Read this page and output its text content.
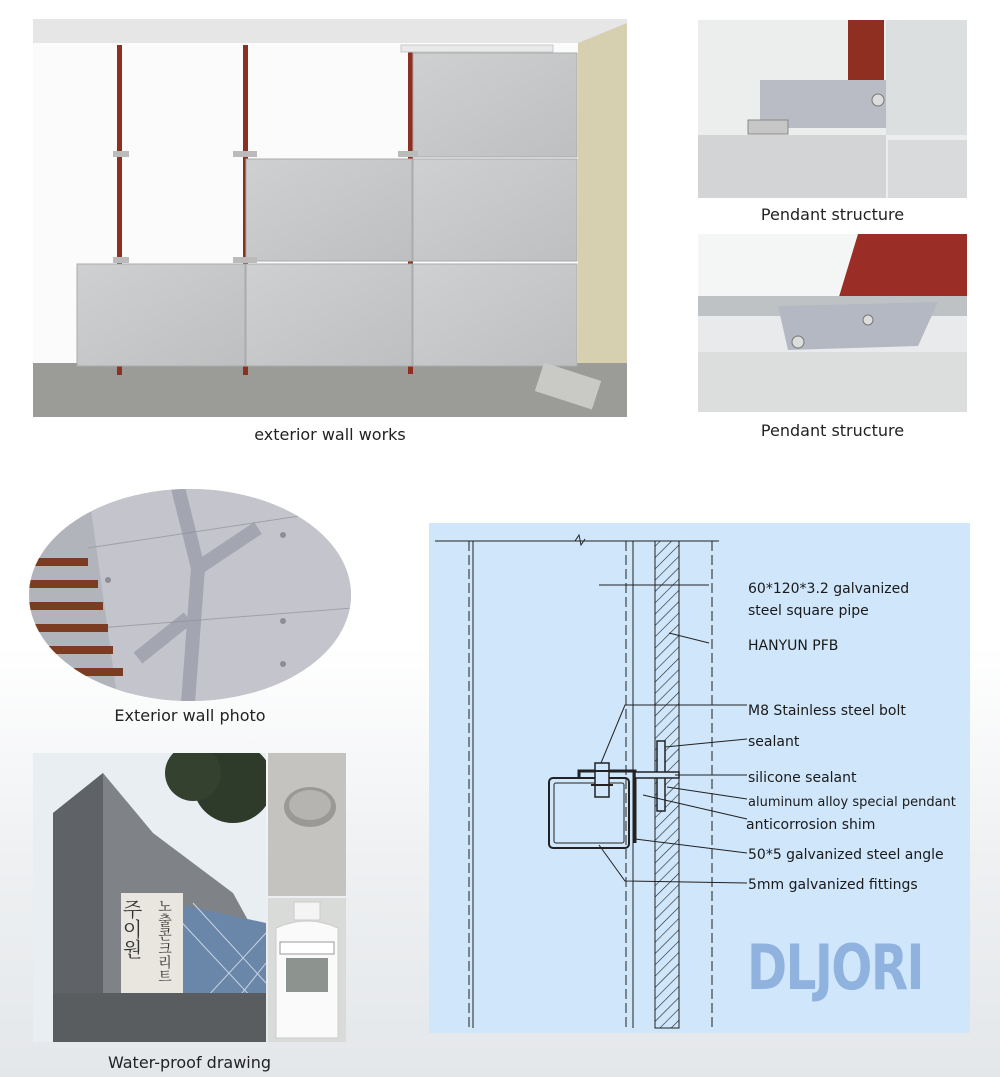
exterior wall works
Pendant structure
Pendant structure
Exterior wall photo
주이원 노출콘크리트
Water-proof drawing
60*120*3.2 galvanized
steel square pipe
HANYUN PFB
M8 Stainless steel bolt
sealant
silicone sealant
aluminum alloy special pendant
anticorrosion shim
50*5 galvanized steel angle
5mm galvanized fittings
DLJORI
